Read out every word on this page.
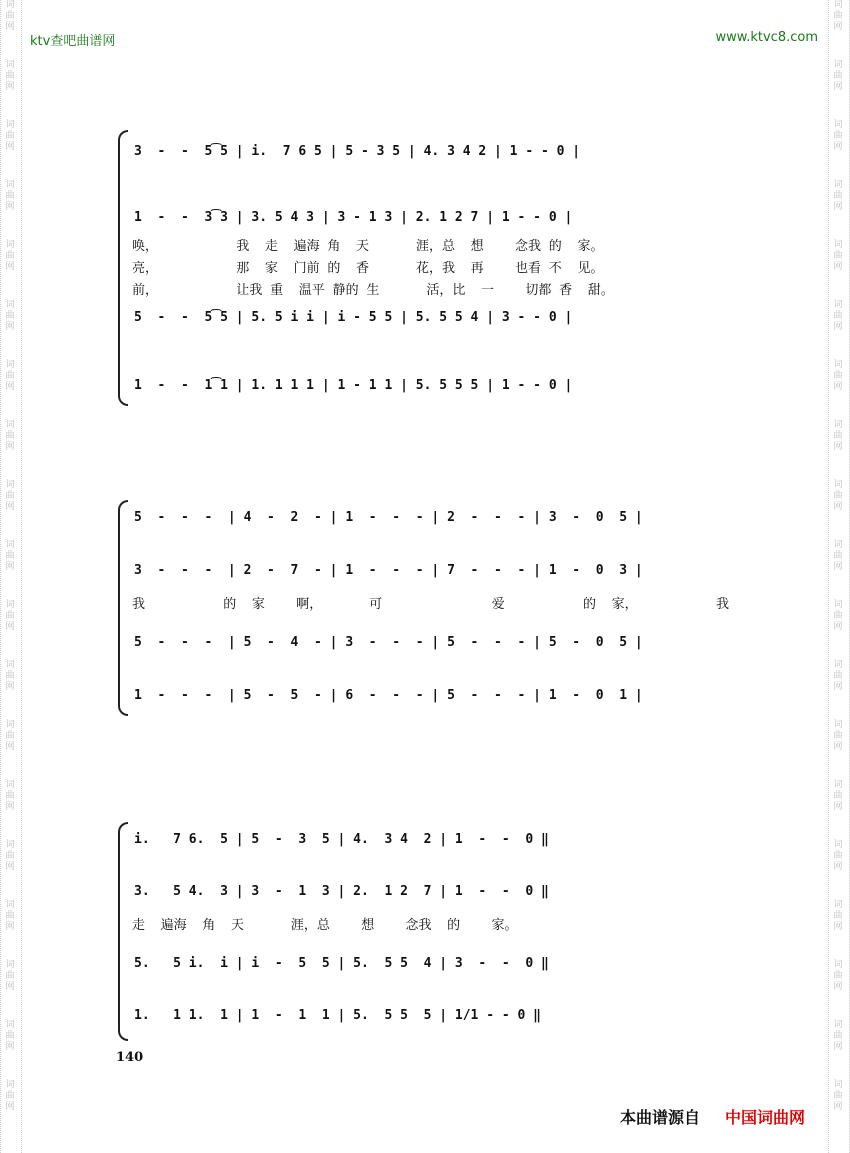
词
曲
网
词
曲
网
词
曲
网
词
曲
网
词
曲
网
词
曲
网
词
曲
网
词
曲
网
词
曲
网
词
曲
网
词
曲
网
词
曲
网
词
曲
网
词
曲
网
词
曲
网
词
曲
网
词
曲
网
词
曲
网
词
曲
网
词
曲
网
词
曲
网
词
曲
网
词
曲
网
词
曲
网
词
曲
网
词
曲
网
词
曲
网
词
曲
网
词
曲
网
词
曲
网
词
曲
网
词
曲
网
词
曲
网
词
曲
网
词
曲
网
词
曲
网
词
曲
网
词
曲
网
ktv查吧曲谱网	www.ktvc8.com
3  -  -  5͡5 | i.  7 6 5 | 5 - 3 5 | 4. 3 4 2 | 1 - - 0 |
1  -  -  3͡3 | 3. 5 4 3 | 3 - 1 3 | 2. 1 2 7 | 1 - - 0 |
唤，          我  走  遍海 角  天      涯，总  想    念我 的  家。
亮，          那  家  门前 的  香      花，我  再    也看 不  见。
前，          让我 重  温平 静的 生      活，比  一    切都 香  甜。
5  -  -  5͡5 | 5. 5 i i | i - 5 5 | 5. 5 5 4 | 3 - - 0 |
1  -  -  1͡1 | 1. 1 1 1 | 1 - 1 1 | 5. 5 5 5 | 1 - - 0 |
5  -  -  -  | 4  -  2  - | 1  -  -  - | 2  -  -  - | 3  -  0  5 |
3  -  -  -  | 2  -  7  - | 1  -  -  - | 7  -  -  - | 1  -  0  3 |
我          的  家    啊，      可              爱          的  家，          我
5  -  -  -  | 5  -  4  - | 3  -  -  - | 5  -  -  - | 5  -  0  5 |
1  -  -  -  | 5  -  5  - | 6  -  -  - | 5  -  -  - | 1  -  0  1 |
i.   7 6.  5 | 5  -  3  5 | 4.  3 4  2 | 1  -  -  0 ‖
3.   5 4.  3 | 3  -  1  3 | 2.  1 2  7 | 1  -  -  0 ‖
走  遍海  角  天      涯，总    想    念我  的    家。
5.   5 i.  i | i  -  5  5 | 5.  5 5  4 | 3  -  -  0 ‖
1.   1 1.  1 | 1  -  1  1 | 5.  5 5  5 | 1/1 - - 0 ‖
140
本曲谱源自 中国词曲网
